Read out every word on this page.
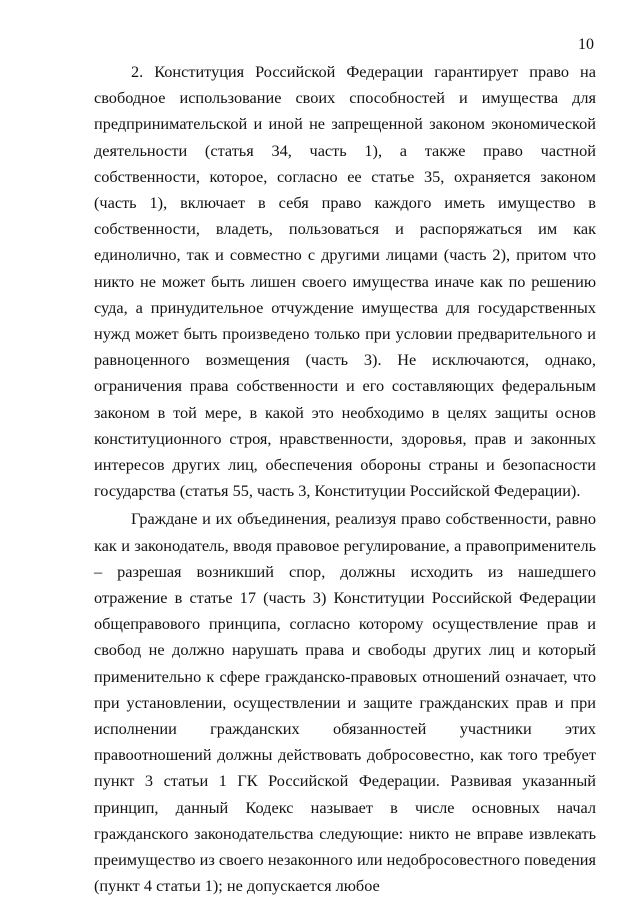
10

2. Конституция Российской Федерации гарантирует право на свободное использование своих способностей и имущества для предпринимательской и иной не запрещенной законом экономической деятельности (статья 34, часть 1), а также право частной собственности, которое, согласно ее статье 35, охраняется законом (часть 1), включает в себя право каждого иметь имущество в собственности, владеть, пользоваться и распоряжаться им как единолично, так и совместно с другими лицами (часть 2), притом что никто не может быть лишен своего имущества иначе как по решению суда, а принудительное отчуждение имущества для государственных нужд может быть произведено только при условии предварительного и равноценного возмещения (часть 3). Не исключаются, однако, ограничения права собственности и его составляющих федеральным законом в той мере, в какой это необходимо в целях защиты основ конституционного строя, нравственности, здоровья, прав и законных интересов других лиц, обеспечения обороны страны и безопасности государства (статья 55, часть 3, Конституции Российской Федерации).

Граждане и их объединения, реализуя право собственности, равно как и законодатель, вводя правовое регулирование, а правоприменитель – разрешая возникший спор, должны исходить из нашедшего отражение в статье 17 (часть 3) Конституции Российской Федерации общеправового принципа, согласно которому осуществление прав и свобод не должно нарушать права и свободы других лиц и который применительно к сфере гражданско-правовых отношений означает, что при установлении, осуществлении и защите гражданских прав и при исполнении гражданских обязанностей участники этих правоотношений должны действовать добросовестно, как того требует пункт 3 статьи 1 ГК Российской Федерации. Развивая указанный принцип, данный Кодекс называет в числе основных начал гражданского законодательства следующие: никто не вправе извлекать преимущество из своего незаконного или недобросовестного поведения (пункт 4 статьи 1); не допускается любое
